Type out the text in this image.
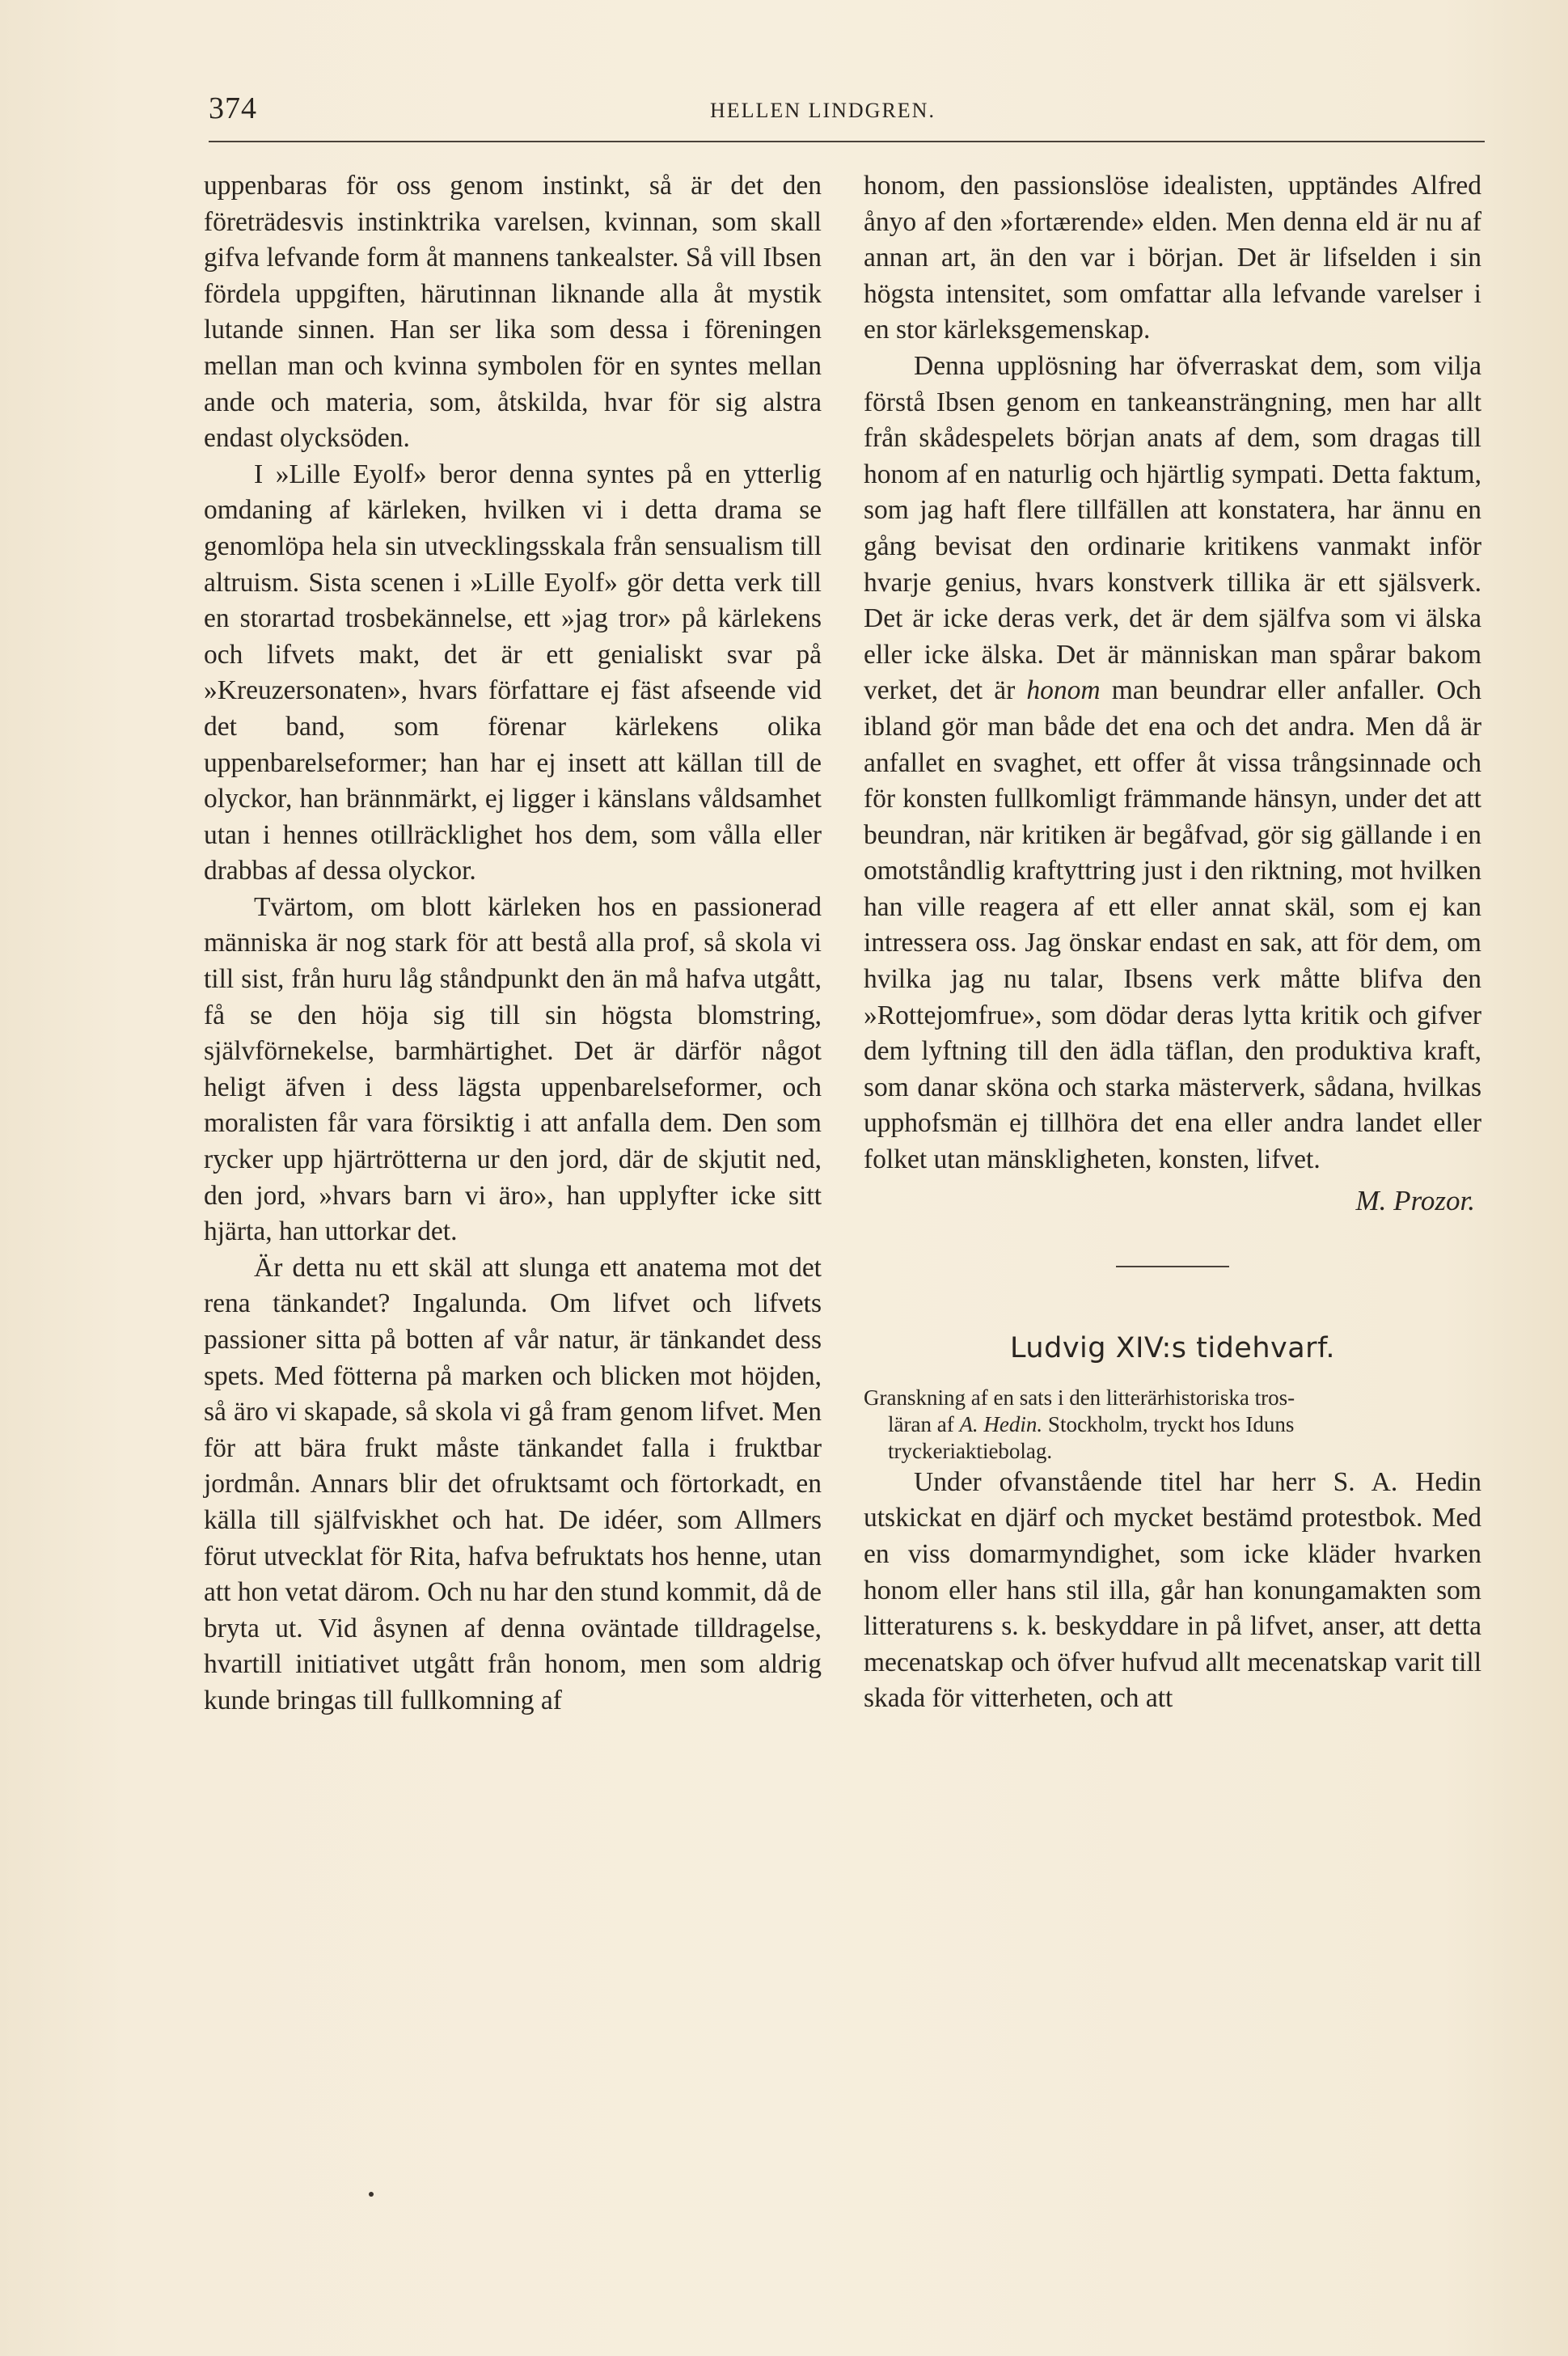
374	HELLEN LINDGREN.

uppenbaras för oss genom instinkt, så är det den företrädesvis instinktrika varelsen, kvinnan, som skall gifva lefvande form åt mannens tankealster. Så vill Ibsen fördela uppgiften, härutinnan liknande alla åt mystik lutande sinnen. Han ser lika som dessa i föreningen mellan man och kvinna symbolen för en syntes mellan ande och materia, som, åtskilda, hvar för sig alstra endast olycksöden.

I »Lille Eyolf» beror denna syntes på en ytterlig omdaning af kärleken, hvilken vi i detta drama se genomlöpa hela sin utvecklingsskala från sensualism till altruism. Sista scenen i »Lille Eyolf» gör detta verk till en storartad trosbekännelse, ett »jag tror» på kärlekens och lifvets makt, det är ett genialiskt svar på »Kreuzersonaten», hvars författare ej fäst afseende vid det band, som förenar kärlekens olika uppenbarelseformer; han har ej insett att källan till de olyckor, han brännmärkt, ej ligger i känslans våldsamhet utan i hennes otillräcklighet hos dem, som vålla eller drabbas af dessa olyckor.

Tvärtom, om blott kärleken hos en passionerad människa är nog stark för att bestå alla prof, så skola vi till sist, från huru låg ståndpunkt den än må hafva utgått, få se den höja sig till sin högsta blomstring, självförnekelse, barmhärtighet. Det är därför något heligt äfven i dess lägsta uppenbarelseformer, och moralisten får vara försiktig i att anfalla dem. Den som rycker upp hjärtrötterna ur den jord, där de skjutit ned, den jord, »hvars barn vi äro», han upplyfter icke sitt hjärta, han uttorkar det.

Är detta nu ett skäl att slunga ett anatema mot det rena tänkandet? Ingalunda. Om lifvet och lifvets passioner sitta på botten af vår natur, är tänkandet dess spets. Med fötterna på marken och blicken mot höjden, så äro vi skapade, så skola vi gå fram genom lifvet. Men för att bära frukt måste tänkandet falla i fruktbar jordmån. Annars blir det ofruktsamt och förtorkadt, en källa till själfviskhet och hat. De idéer, som Allmers förut utvecklat för Rita, hafva befruktats hos henne, utan att hon vetat därom. Och nu har den stund kommit, då de bryta ut. Vid åsynen af denna oväntade tilldragelse, hvartill initiativet utgått från honom, men som aldrig kunde bringas till fullkomning af

honom, den passionslöse idealisten, upptändes Alfred ånyo af den »fortærende» elden. Men denna eld är nu af annan art, än den var i början. Det är lifselden i sin högsta intensitet, som omfattar alla lefvande varelser i en stor kärleksgemenskap.

Denna upplösning har öfverraskat dem, som vilja förstå Ibsen genom en tankeansträngning, men har allt från skådespelets början anats af dem, som dragas till honom af en naturlig och hjärtlig sympati. Detta faktum, som jag haft flere tillfällen att konstatera, har ännu en gång bevisat den ordinarie kritikens vanmakt inför hvarje genius, hvars konstverk tillika är ett själsverk. Det är icke deras verk, det är dem själfva som vi älska eller icke älska. Det är människan man spårar bakom verket, det är honom man beundrar eller anfaller. Och ibland gör man både det ena och det andra. Men då är anfallet en svaghet, ett offer åt vissa trångsinnade och för konsten fullkomligt främmande hänsyn, under det att beundran, när kritiken är begåfvad, gör sig gällande i en omotståndlig kraftyttring just i den riktning, mot hvilken han ville reagera af ett eller annat skäl, som ej kan intressera oss. Jag önskar endast en sak, att för dem, om hvilka jag nu talar, Ibsens verk måtte blifva den »Rottejomfrue», som dödar deras lytta kritik och gifver dem lyftning till den ädla täflan, den produktiva kraft, som danar sköna och starka mästerverk, sådana, hvilkas upphofsmän ej tillhöra det ena eller andra landet eller folket utan mänskligheten, konsten, lifvet.

M. Prozor.
Ludvig XIV:s tidehvarf.
Granskning af en sats i den litterärhistoriska tros-
läran af A. Hedin. Stockholm, tryckt hos Iduns
tryckeriaktiebolag.

Under ofvanstående titel har herr S. A. Hedin utskickat en djärf och mycket bestämd protestbok. Med en viss domarmyndighet, som icke kläder hvarken honom eller hans stil illa, går han konungamakten som litteraturens s. k. beskyddare in på lifvet, anser, att detta mecenatskap och öfver hufvud allt mecenatskap varit till skada för vitterheten, och att
